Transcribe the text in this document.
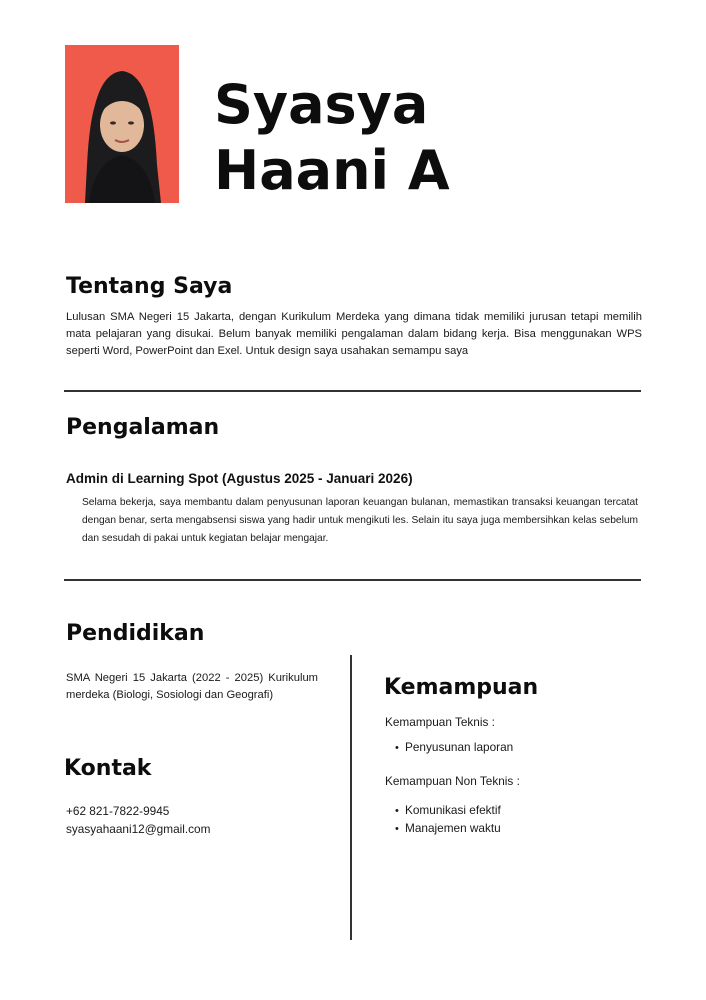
Syasya
Haani A
Tentang Saya
Lulusan SMA Negeri 15 Jakarta, dengan Kurikulum Merdeka yang dimana tidak memiliki jurusan tetapi memilih mata pelajaran yang disukai. Belum banyak memiliki pengalaman dalam bidang kerja. Bisa menggunakan WPS seperti Word, PowerPoint dan Exel. Untuk design saya usahakan semampu saya
Pengalaman
Admin di Learning Spot (Agustus 2025 - Januari 2026)
Selama bekerja, saya membantu dalam penyusunan laporan keuangan bulanan, memastikan transaksi keuangan tercatat dengan benar, serta mengabsensi siswa yang hadir untuk mengikuti les. Selain itu saya juga membersihkan kelas sebelum dan sesudah di pakai untuk kegiatan belajar mengajar.
Pendidikan
SMA Negeri 15 Jakarta (2022 - 2025) Kurikulum merdeka (Biologi, Sosiologi dan Geografi)
Kontak
+62 821-7822-9945
syasyahaani12@gmail.com
Kemampuan
Kemampuan Teknis :
• Penyusunan laporan
Kemampuan Non Teknis :
• Komunikasi efektif
• Manajemen waktu
